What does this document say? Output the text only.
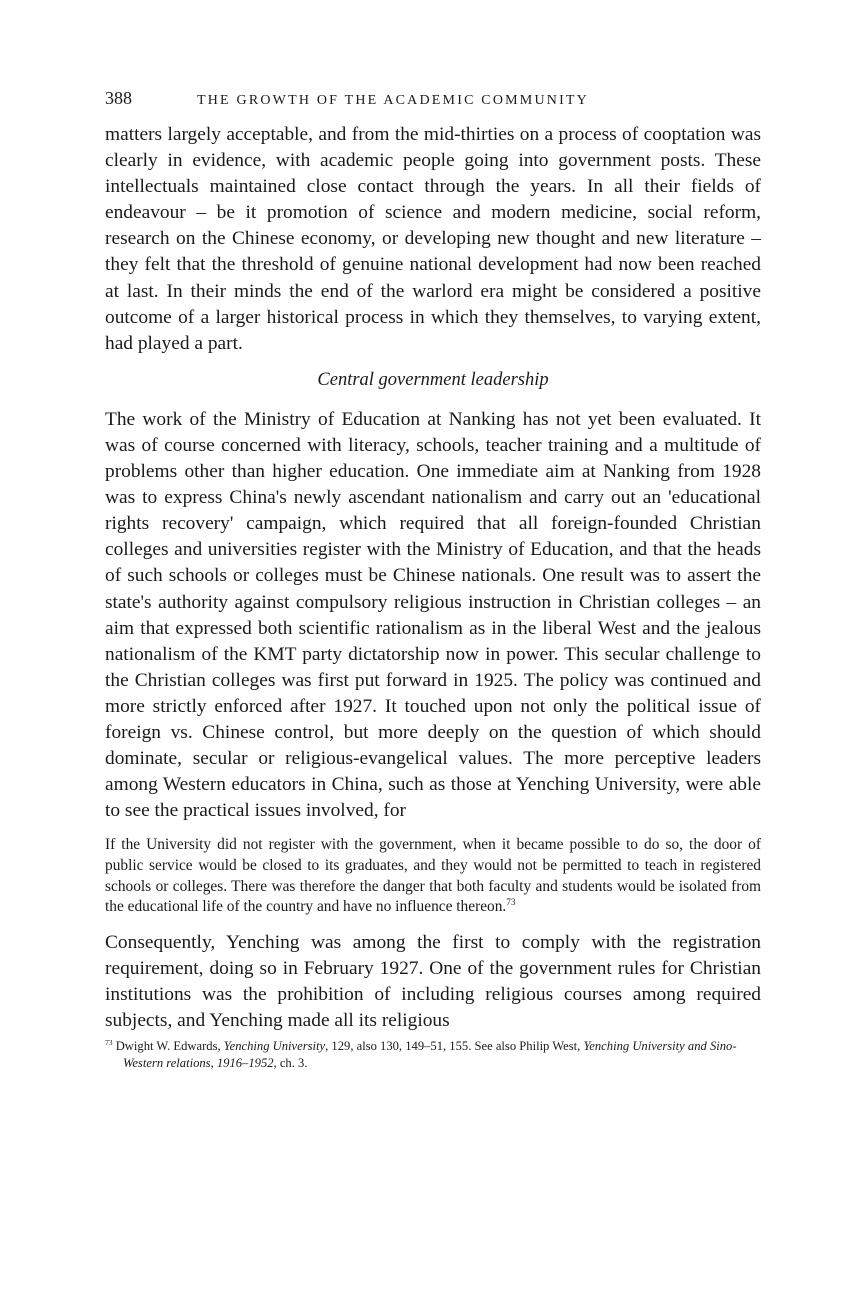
388	THE GROWTH OF THE ACADEMIC COMMUNITY

matters largely acceptable, and from the mid-thirties on a process of cooptation was clearly in evidence, with academic people going into government posts. These intellectuals maintained close contact through the years. In all their fields of endeavour – be it promotion of science and modern medicine, social reform, research on the Chinese economy, or developing new thought and new literature – they felt that the threshold of genuine national development had now been reached at last. In their minds the end of the warlord era might be considered a positive outcome of a larger historical process in which they themselves, to varying extent, had played a part.

Central government leadership

The work of the Ministry of Education at Nanking has not yet been evaluated. It was of course concerned with literacy, schools, teacher training and a multitude of problems other than higher education. One immediate aim at Nanking from 1928 was to express China's newly ascendant nationalism and carry out an 'educational rights recovery' campaign, which required that all foreign-founded Christian colleges and universities register with the Ministry of Education, and that the heads of such schools or colleges must be Chinese nationals. One result was to assert the state's authority against compulsory religious instruction in Christian colleges – an aim that expressed both scientific rationalism as in the liberal West and the jealous nationalism of the KMT party dictatorship now in power. This secular challenge to the Christian colleges was first put forward in 1925. The policy was continued and more strictly enforced after 1927. It touched upon not only the political issue of foreign vs. Chinese control, but more deeply on the question of which should dominate, secular or religious-evangelical values. The more perceptive leaders among Western educators in China, such as those at Yenching University, were able to see the practical issues involved, for

If the University did not register with the government, when it became possible to do so, the door of public service would be closed to its graduates, and they would not be permitted to teach in registered schools or colleges. There was therefore the danger that both faculty and students would be isolated from the educational life of the country and have no influence thereon.$^{73}$

Consequently, Yenching was among the first to comply with the registration requirement, doing so in February 1927. One of the government rules for Christian institutions was the prohibition of including religious courses among required subjects, and Yenching made all its religious

$^{73}$ Dwight W. Edwards, Yenching University, 129, also 130, 149–51, 155. See also Philip West, Yenching University and Sino-Western relations, 1916–1952, ch. 3.
